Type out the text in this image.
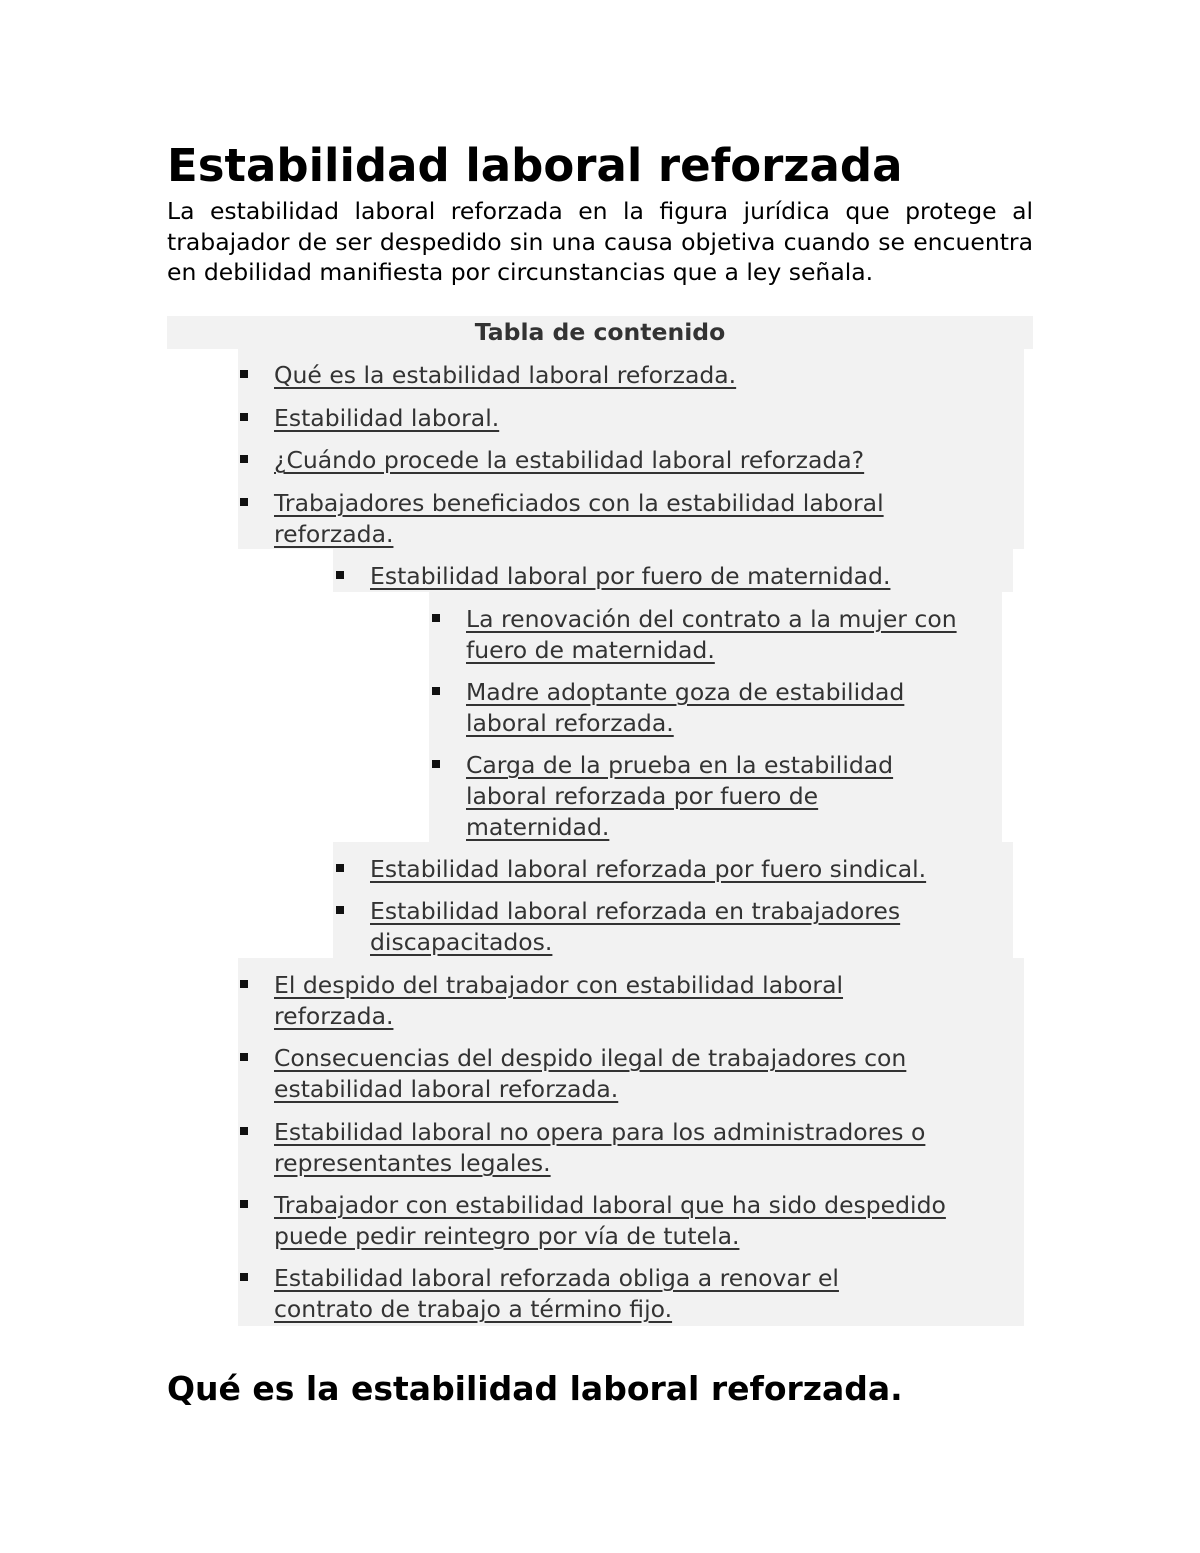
Estabilidad laboral reforzada

La estabilidad laboral reforzada en la figura jurídica que protege al trabajador de ser despedido sin una causa objetiva cuando se encuentra en debilidad manifiesta por circunstancias que a ley señala.

Tabla de contenido
Qué es la estabilidad laboral reforzada.
Estabilidad laboral.
¿Cuándo procede la estabilidad laboral reforzada?
Trabajadores beneficiados con la estabilidad laboral reforzada.
Estabilidad laboral por fuero de maternidad.
La renovación del contrato a la mujer con fuero de maternidad.
Madre adoptante goza de estabilidad laboral reforzada.
Carga de la prueba en la estabilidad laboral reforzada por fuero de maternidad.
Estabilidad laboral reforzada por fuero sindical.
Estabilidad laboral reforzada en trabajadores discapacitados.
El despido del trabajador con estabilidad laboral reforzada.
Consecuencias del despido ilegal de trabajadores con estabilidad laboral reforzada.
Estabilidad laboral no opera para los administradores o representantes legales.
Trabajador con estabilidad laboral que ha sido despedido puede pedir reintegro por vía de tutela.
Estabilidad laboral reforzada obliga a renovar el contrato de trabajo a término fijo.
Qué es la estabilidad laboral reforzada.
